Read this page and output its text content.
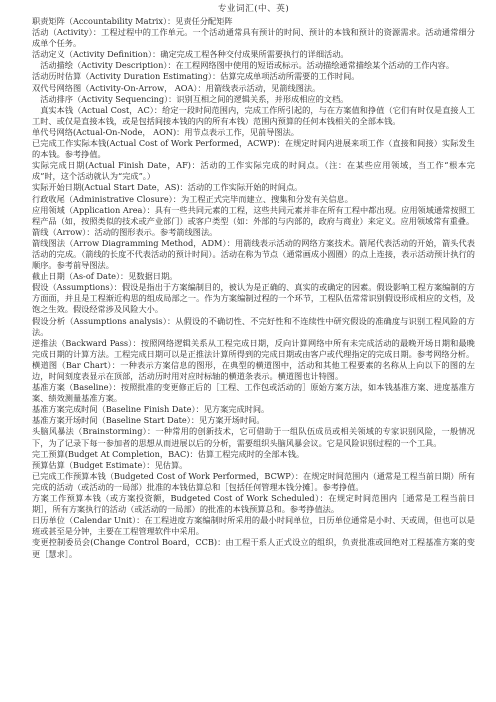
专业词汇(中、英)

职责矩阵（Accountability Matrix）：见责任分配矩阵

活动（Activity）：工程过程中的工作单元。一个活动通常具有预计的时间、预计的本钱和预计的资源需求。活动通常细分成单个任务。

活动定义（Activity Definition）：确定完成工程各种交付成果所需要执行的详细活动。

活动描绘（Activity Description）：在工程网络图中使用的短语或标示。活动描绘通常描绘某个活动的工作内容。

活动历时估算（Activity Duration Estimating）：估算完成单项活动所需要的工作时间。

双代号网络图（Activity-On-Arrow， AOA）：用箭线表示活动，见箭线图法。

活动排序（Activity Sequencing）：识别互相之间的逻辑关系，并形成相应的文档。

真实本钱（Actual Cost，AC）：给定一段时间范围内，完成工作所引起的，与在方案值和挣值（它们有时仅是直接人工工时、或仅是直接本钱，或是包括间接本钱的内的所有本钱）范围内预算的任何本钱相关的全部本钱。

单代号网络(Actual-On-Node， AON)：用节点表示工作，见前导图法。

已完成工作实际本钱(Actual Cost of Work Performed，ACWP)：在规定时间内进展来项工作（直接和间接）实际发生的本钱。参考挣值。

实际完成日期(Actual Finish Date，AF)：活动的工作实际完成的时间点。（注：在某些应用领域，当工作“根本完成”时，这个活动就认为“完成”。）

实际开始日期(Actual Start Date，AS)：活动的工作实际开始的时间点。

行政收尾（Administrative Closure）：为工程正式完毕而建立、搜集和分发有关信息。

应用领域（Application Area）：具有一些共同元素的工程，这些共同元素并非在所有工程中都出现。应用领域通常按照工程产品（如，按照类似的技术或产业部门）或客户类型（如：外部的与内部的，政府与商业）来定义。应用领域常有重叠。

箭线（Arrow）：活动的图形表示。参考箭线图法。

箭线图法（Arrow Diagramming Method，ADM）：用箭线表示活动的网络方案技术。箭尾代表活动的开始，箭头代表活动的完成。（箭线的长度不代表活动的预计时间）。活动在称为节点（通常画成小圆圈）的点上连接，表示活动预计执行的顺序。参考前导图法。

截止日期（As-of Date）：见数据日期。

假设（Assumptions）：假设是指出于方案编制目的，被认为是正确的、真实的或确定的因素。假设影响工程方案编制的方方面面，并且是工程渐近构思的组成局部之一。作为方案编制过程的一个环节，工程队伍常常识别假设形成相应的文档，及饱之生效。假设经常涉及风险大小。

假设分析（Assumptions analysis）：从假设的不确切性、不完好性和不连续性中研究假设的准确度与识别工程风险的方法。

逆推法（Backward Pass）：按照网络逻辑关系从工程完成日期，反向计算网络中所有未完成活动的最晚开场日期和最晚完成日期的计算方法。工程完成日期可以是正推法计算所得到的完成日期或由客户或代理指定的完成日期。参考网络分析。

横道图（Bar Chart）：一种表示方案信息的图形，在典型的横道图中，活动和其他工程要素的名称从上向以下的图的左边，时间刻度表显示在顶部，活动历时用对应时标轴的横道条表示。横道图也计特图。

基准方案（Baseline）：按照批准的变更修正后的［工程、工作包或活动的］原始方案方法，如本钱基准方案、进度基准方案、绩效测量基准方案。

基准方案完成时间（Baseline Finish Date）：见方案完成时间。

基准方案开场时间（Baseline Start Date）：见方案开场时间。

头脑风暴法（Brainstorming）：一种常用的创新技术，它可借助于一组队伍成员或相关领域的专家识别风险，一般情况下，为了记录下每一参加者的思想从而进展以后的分析，需要组织头脑风暴会议。它是风险识别过程的一个工具。

完工预算(Budget At Completion，BAC)：估算工程完成时的全部本钱。

预算估算（Budget Estimate）：见估算。

已完成工作预算本钱（Budgeted Cost of Work Performed，BCWP）：在规定时间范围内（通常是工程当前日期）所有完成的活动（或活动的一局部）批准的本钱估算总和［包括任何管理本钱分摊］。参考挣值。

方案工作预算本钱（或方案投资额，Budgeted Cost of Work Scheduled）：在规定时间范围内［通常是工程当前日期］，所有方案执行的活动（或活动的一局部）的批准的本钱预算总和。参考挣值法。

日历单位（Calendar Unit）：在工程进度方案编制时所采用的最小时间单位，日历单位通常是小时、天或周，但也可以是班或甚至是分钟，主要在工程管理软件中采用。

变更控制委员会(Change Control Board，CCB)：由工程干系人正式设立的组织，负责批准或回绝对工程基准方案的变更［慧求］。
